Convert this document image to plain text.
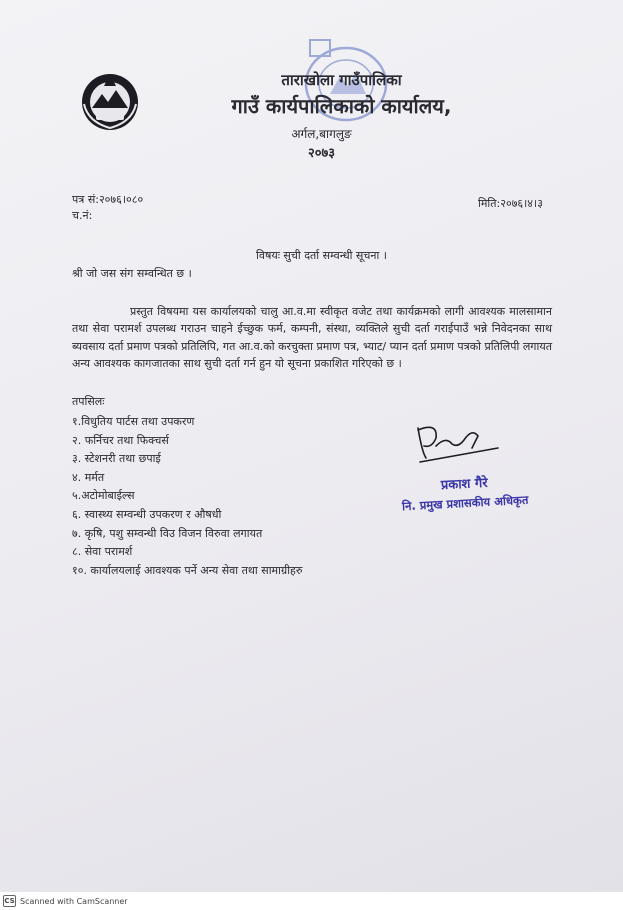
ताराखोला गाउँपालिका
गाउँ कार्यपालिकाको कार्यालय,
अर्गल,बागलुङ
२०७३
पत्र सं:२०७६।०८०
च.नं:
मिति:२०७६।४।३
विषयः सुची दर्ता सम्वन्धी सूचना ।
श्री जो जस संग सम्वन्धित छ ।
प्रस्तुत विषयमा यस कार्यालयको चालु आ.व.मा स्वीकृत वजेट तथा कार्यक्रमको लागी आवश्यक मालसामान तथा सेवा परामर्श उपलब्ध गराउन चाहने ईच्छुक फर्म, कम्पनी, संस्था, व्यक्तिले सुची दर्ता गराईपाउँ भन्ने निवेदनका साथ ब्यवसाय दर्ता प्रमाण पत्रको प्रतिलिपि, गत आ.व.को करचुक्ता प्रमाण पत्र, भ्याट/ प्यान दर्ता प्रमाण पत्रको प्रतिलिपी लगायत अन्य आवश्यक कागजातका साथ सुची दर्ता गर्न हुन यो सूचना प्रकाशित गरिएको छ ।
तपसिलः
१.विधुतिय पार्टस तथा उपकरण
२. फर्निचर तथा फिक्चर्स
३. स्टेशनरी तथा छपाई
४. मर्मत
५.अटोमोबाईल्स
६. स्वास्थ्य सम्वन्धी उपकरण र औषधी
७. कृषि, पशु सम्वन्धी विउ विजन विरुवा लगायत
८. सेवा परामर्श
१०. कार्यालयलाई आवश्यक पर्ने अन्य सेवा तथा सामाग्रीहरु
प्रकाश गैरे
नि. प्रमुख प्रशासकीय अधिकृत
CS Scanned with CamScanner
